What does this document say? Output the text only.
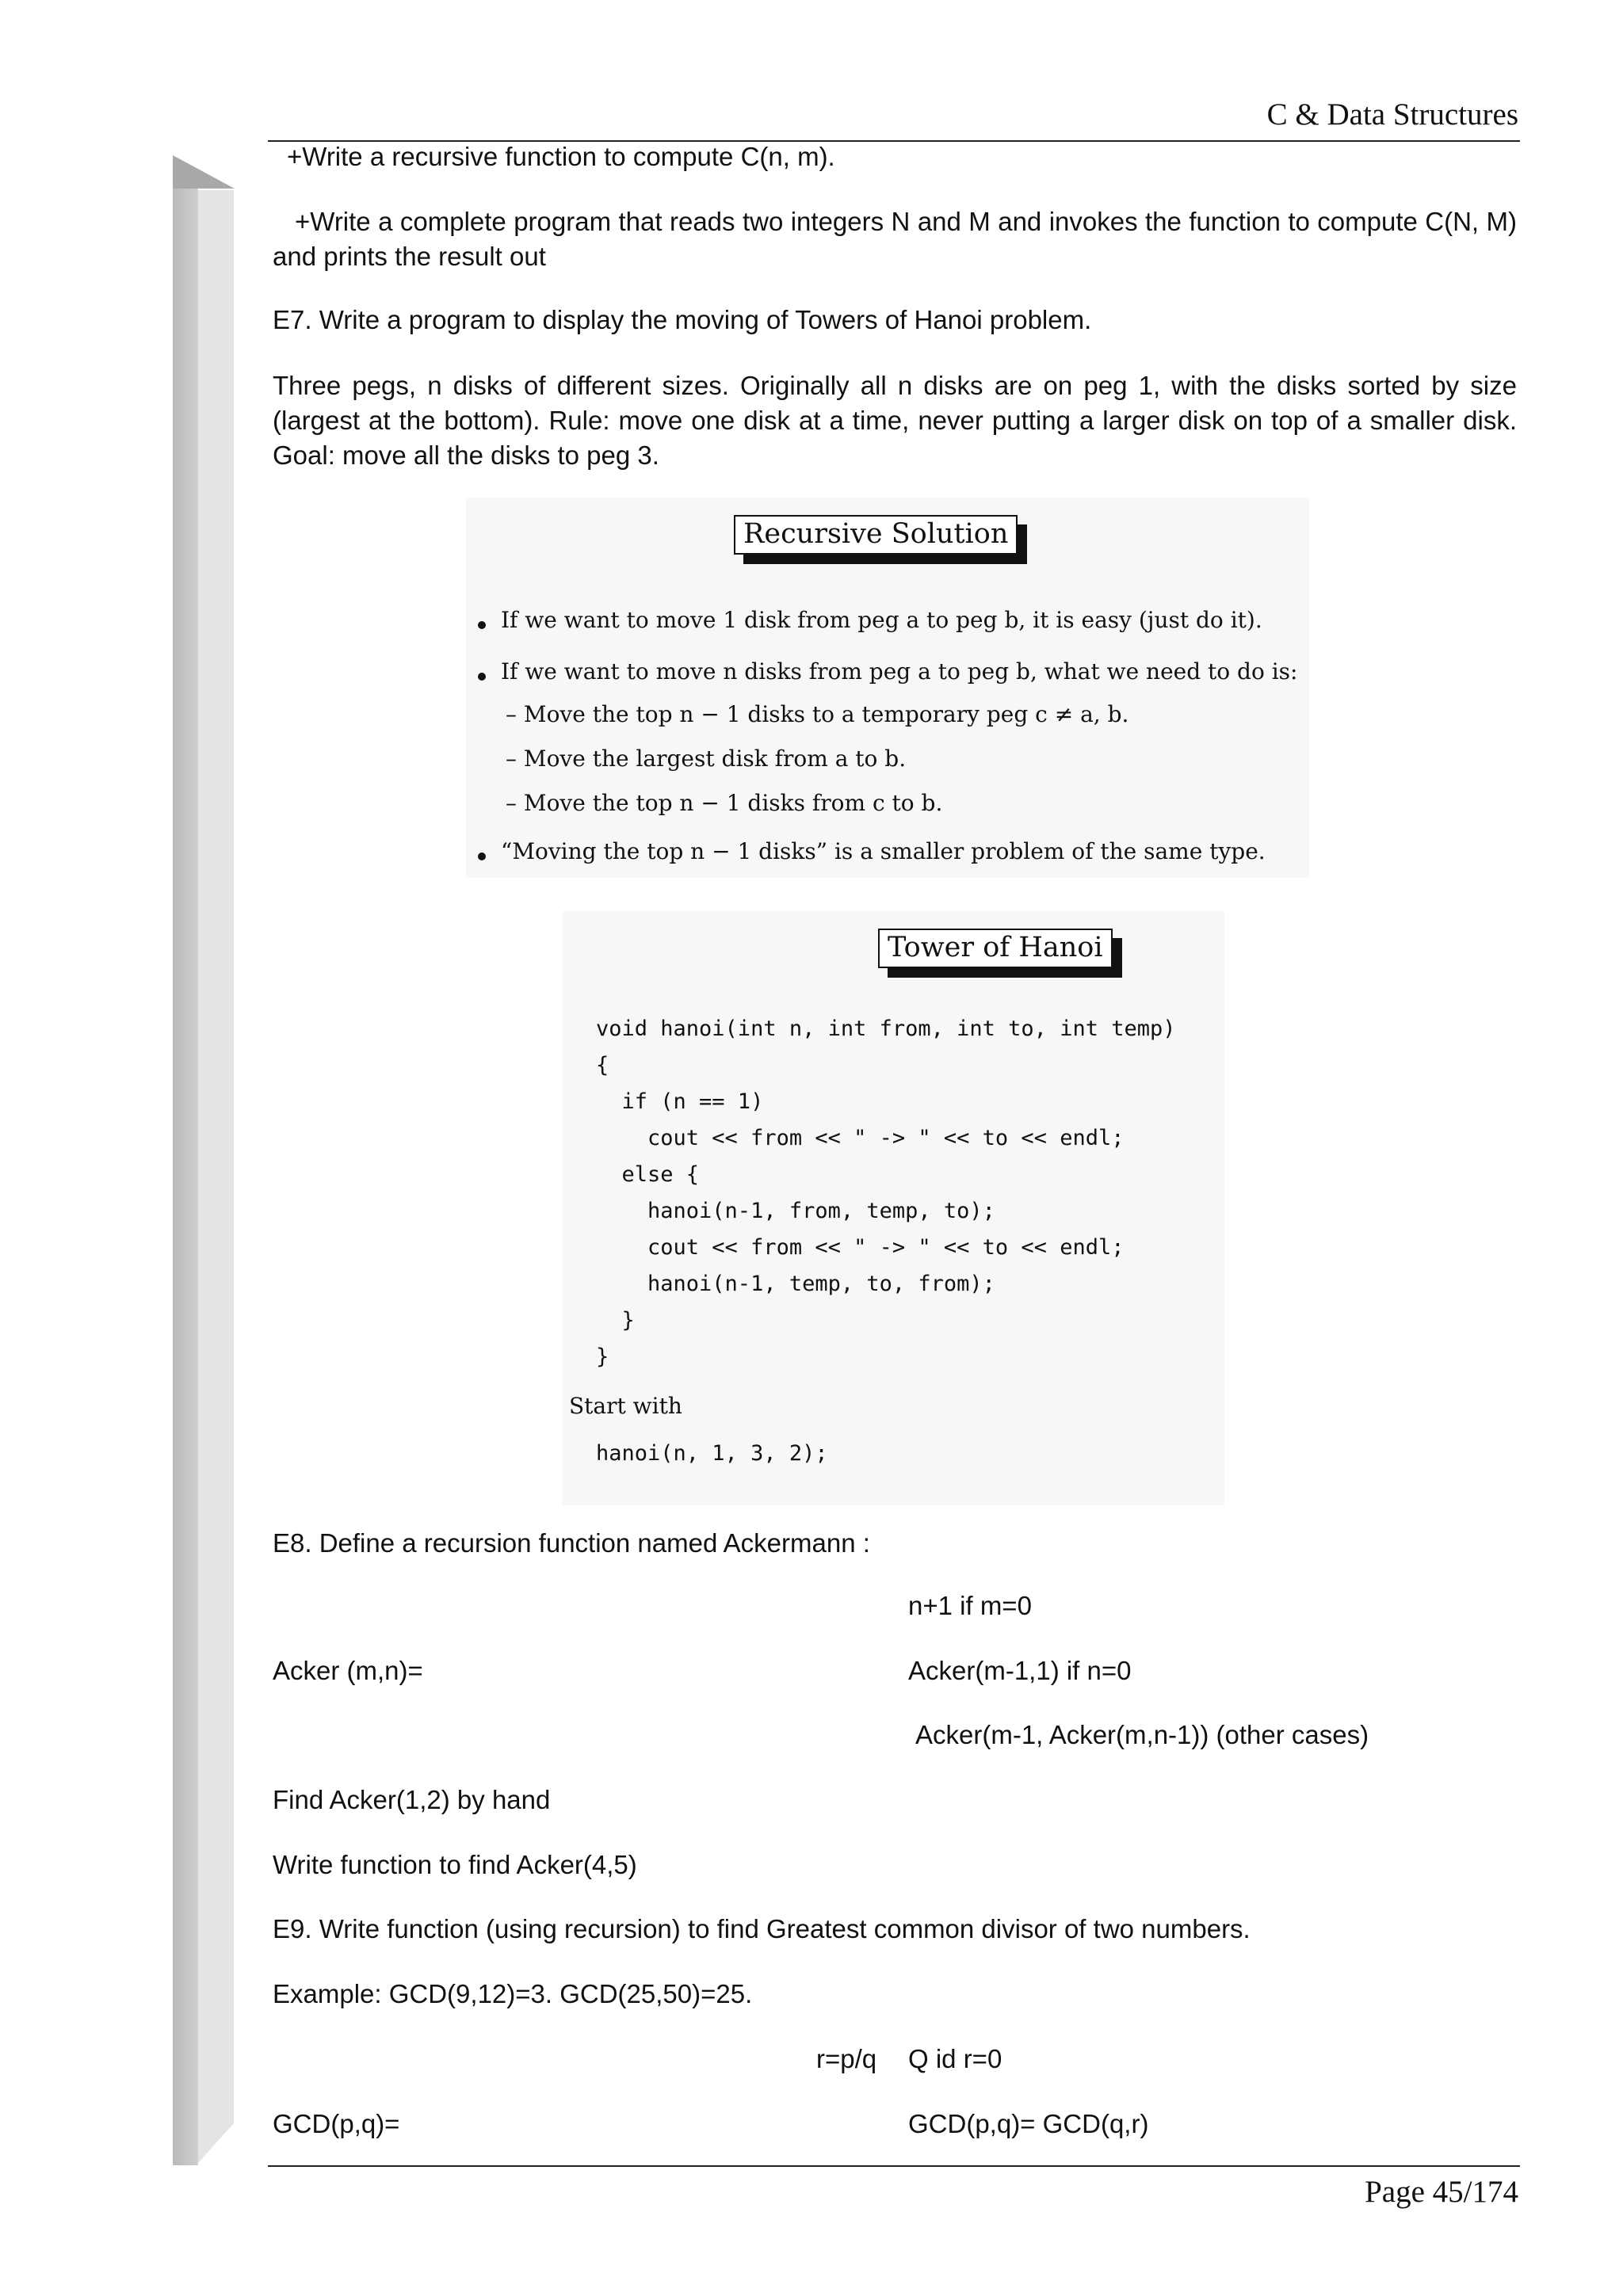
C & Data Structures
+Write a recursive function to compute C(n, m).
+Write a complete program that reads two integers N and M and invokes the function to compute C(N, M) and prints the result out
E7. Write a program to display the moving of Towers of Hanoi problem.
Three pegs, n disks of different sizes. Originally all n disks are on peg 1, with the disks sorted by size (largest at the bottom). Rule: move one disk at a time, never putting a larger disk on top of a smaller disk. Goal: move all the disks to peg 3.
Recursive Solution
If we want to move 1 disk from peg a to peg b, it is easy (just do it).
If we want to move n disks from peg a to peg b, what we need to do is:
– Move the top n − 1 disks to a temporary peg c ≠ a, b.
– Move the largest disk from a to b.
– Move the top n − 1 disks from c to b.
“Moving the top n − 1 disks” is a smaller problem of the same type.
Tower of Hanoi
void hanoi(int n, int from, int to, int temp)
{
if (n == 1)
cout << from << " -> " << to << endl;
else {
hanoi(n-1, from, temp, to);
cout << from << " -> " << to << endl;
hanoi(n-1, temp, to, from);
}
}
Start with
hanoi(n, 1, 3, 2);
E8. Define a recursion function named Ackermann :
n+1 if m=0
Acker (m,n)=	Acker(m-1,1) if n=0
Acker(m-1, Acker(m,n-1)) (other cases)
Find Acker(1,2) by hand
Write function to find Acker(4,5)
E9. Write function (using recursion) to find Greatest common divisor of two numbers.
Example: GCD(9,12)=3. GCD(25,50)=25.
r=p/q Q id r=0
GCD(p,q)=	GCD(p,q)= GCD(q,r)
Page 45/174
